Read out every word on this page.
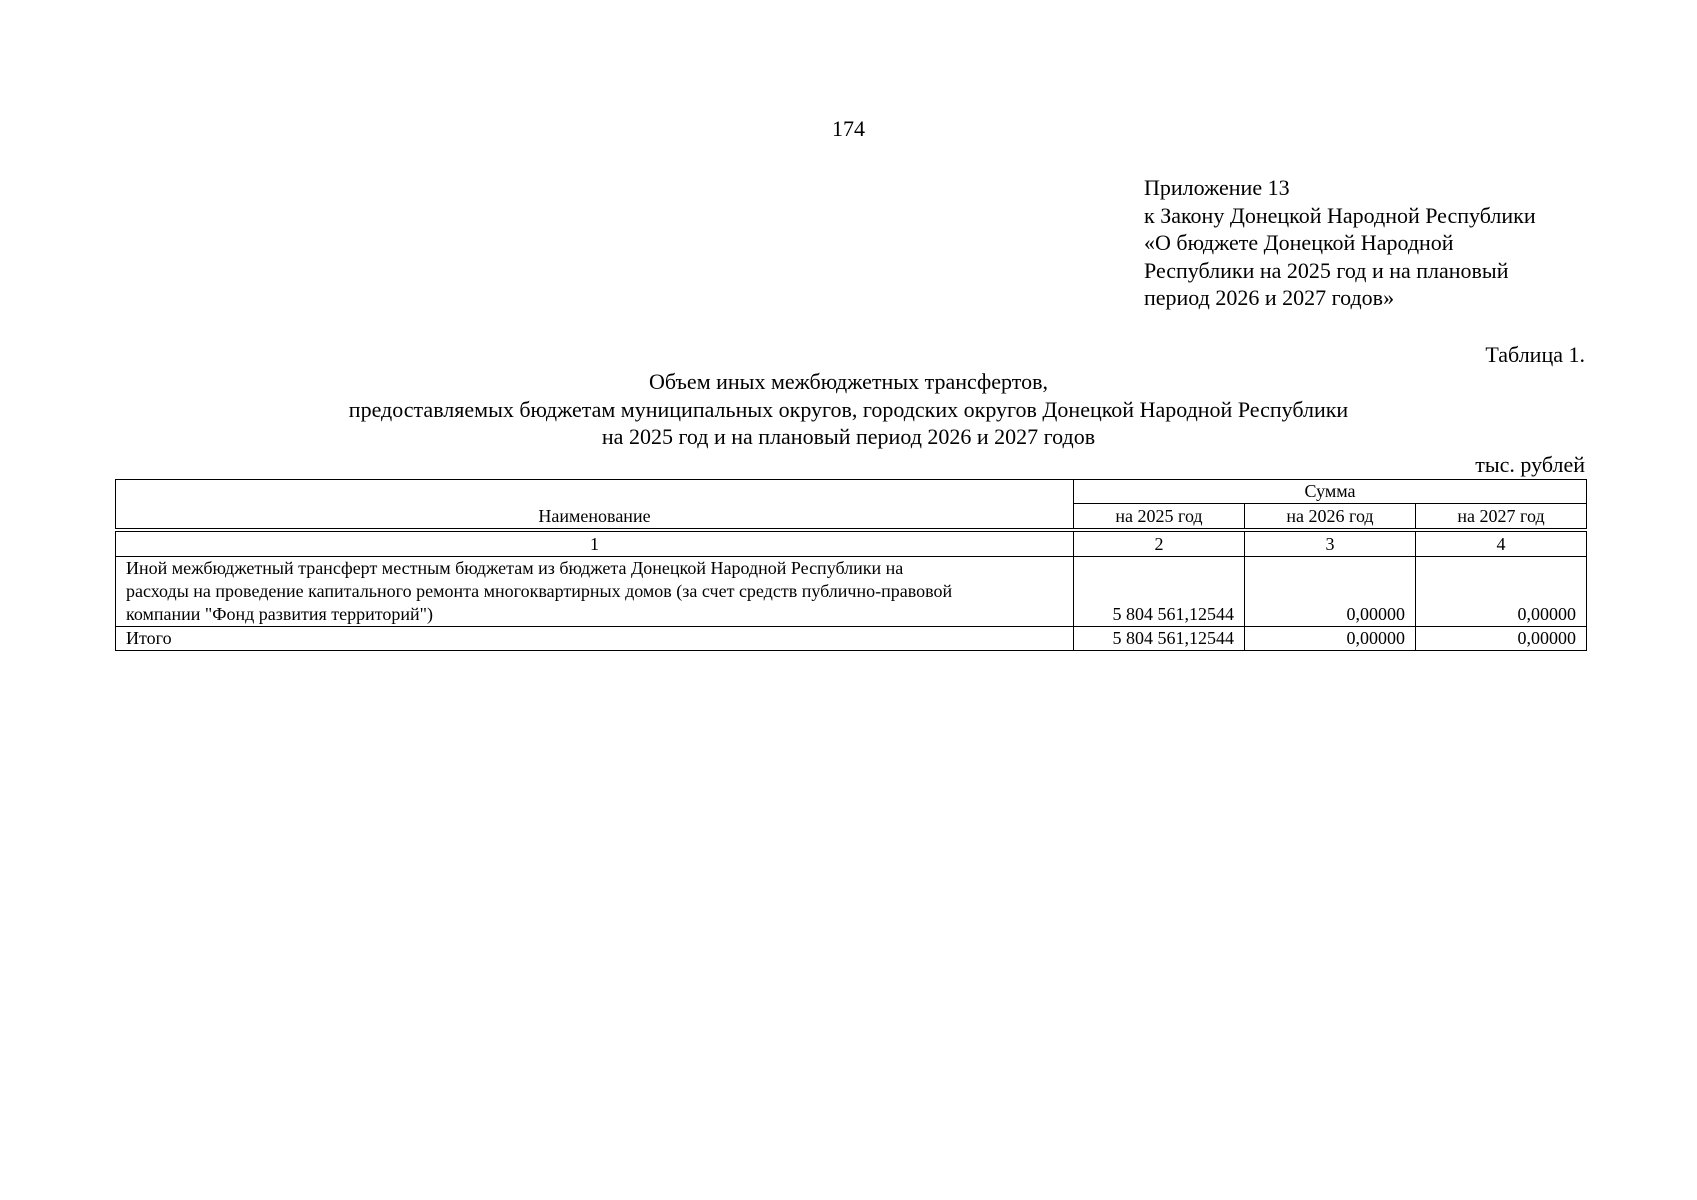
174
Приложение 13
к Закону Донецкой Народной Республики
«О бюджете Донецкой Народной
Республики на 2025 год и на плановый
период 2026 и 2027 годов»
Таблица 1.
Объем иных межбюджетных трансфертов,
предоставляемых бюджетам муниципальных округов, городских округов Донецкой Народной Республики
на 2025 год и на плановый период 2026 и 2027 годов
тыс. рублей
Наименование	Сумма		
	на 2025 год	на 2026 год	на 2027 год
1	2	3	4

Иной межбюджетный трансферт местным бюджетам из бюджета Донецкой Народной Республики на
расходы на проведение капитального ремонта многоквартирных домов (за счет средств публично-правовой
компании "Фонд развития территорий")	5 804 561,12544	0,00000	0,00000
Итого	5 804 561,12544	0,00000	0,00000
